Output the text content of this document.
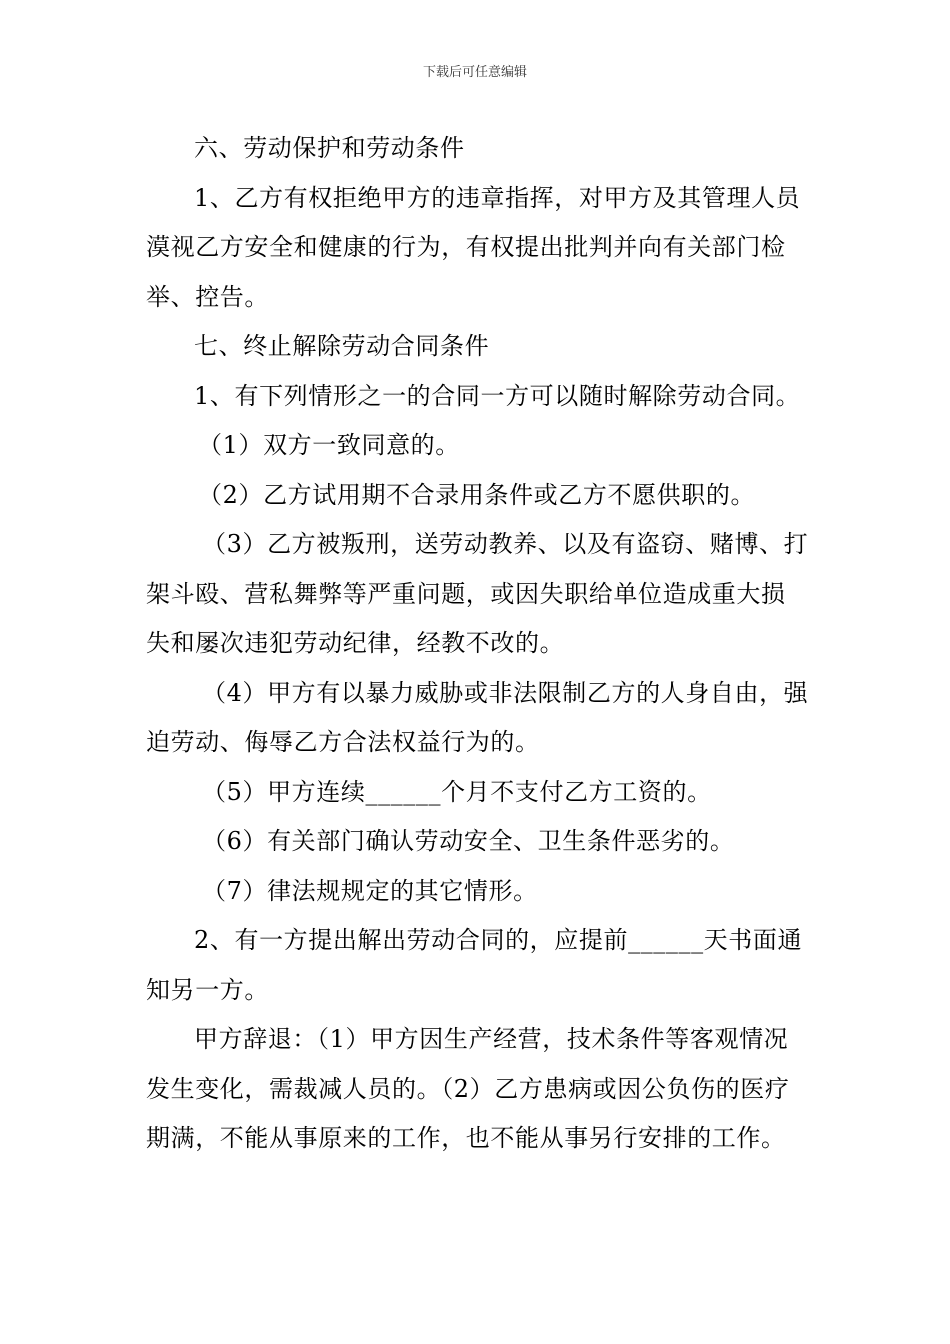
下载后可任意编辑

六、劳动保护和劳动条件

1、乙方有权拒绝甲方的违章指挥，对甲方及其管理人员漠视乙方安全和健康的行为，有权提出批判并向有关部门检举、控告。

七、终止解除劳动合同条件

1、有下列情形之一的合同一方可以随时解除劳动合同。

（1）双方一致同意的。

（2）乙方试用期不合录用条件或乙方不愿供职的。

（3）乙方被叛刑，送劳动教养、以及有盗窃、赌博、打架斗殴、营私舞弊等严重问题，或因失职给单位造成重大损失和屡次违犯劳动纪律，经教不改的。

（4）甲方有以暴力威胁或非法限制乙方的人身自由，强迫劳动、侮辱乙方合法权益行为的。

（5）甲方连续______个月不支付乙方工资的。

（6）有关部门确认劳动安全、卫生条件恶劣的。

（7）律法规规定的其它情形。

2、有一方提出解出劳动合同的，应提前______天书面通知另一方。

甲方辞退：（1）甲方因生产经营，技术条件等客观情况发生变化，需裁减人员的。（2）乙方患病或因公负伤的医疗期满，不能从事原来的工作，也不能从事另行安排的工作。
